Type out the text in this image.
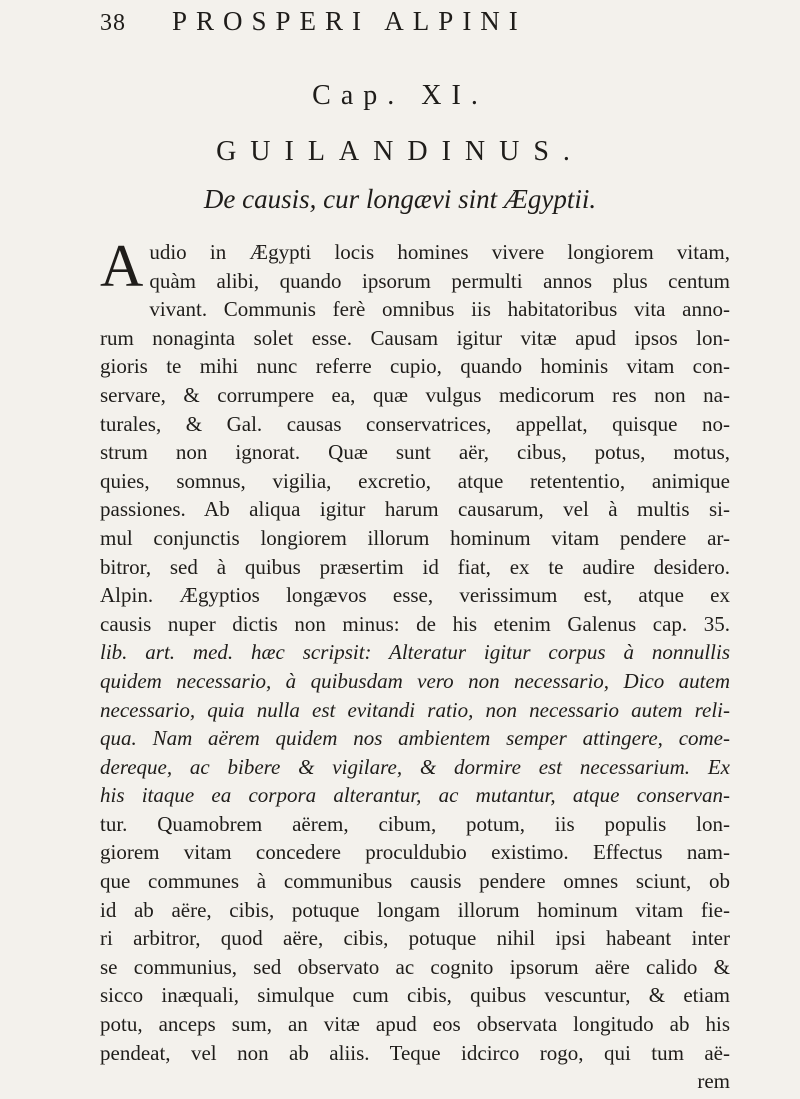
38 PROSPERI ALPINI
Cap. XI.
GUILANDINUS.
De causis, cur longævi sint Ægyptii.
A udio in Ægypti locis homines vivere longiorem vitam,
quàm alibi, quando ipsorum permulti annos plus centum
vivant. Communis ferè omnibus iis habitatoribus vita anno-
rum nonaginta solet esse. Causam igitur vitæ apud ipsos lon-
gioris te mihi nunc referre cupio, quando hominis vitam con-
servare, & corrumpere ea, quæ vulgus medicorum res non na-
turales, & Gal. causas conservatrices, appellat, quisque no-
strum non ignorat. Quæ sunt aër, cibus, potus, motus,
quies, somnus, vigilia, excretio, atque retententio, animique
passiones. Ab aliqua igitur harum causarum, vel à multis si-
mul conjunctis longiorem illorum hominum vitam pendere ar-
bitror, sed à quibus præsertim id fiat, ex te audire desidero.
Alpin. Ægyptios longævos esse, verissimum est, atque ex
causis nuper dictis non minus: de his etenim Galenus cap. 35.
lib. art. med. hæc scripsit: Alteratur igitur corpus à nonnullis
quidem necessario, à quibusdam vero non necessario, Dico autem
necessario, quia nulla est evitandi ratio, non necessario autem reli-
qua. Nam aërem quidem nos ambientem semper attingere, come-
dereque, ac bibere & vigilare, & dormire est necessarium. Ex
his itaque ea corpora alterantur, ac mutantur, atque conservan-
tur. Quamobrem aërem, cibum, potum, iis populis lon-
giorem vitam concedere proculdubio existimo. Effectus nam-
que communes à communibus causis pendere omnes sciunt, ob
id ab aëre, cibis, potuque longam illorum hominum vitam fie-
ri arbitror, quod aëre, cibis, potuque nihil ipsi habeant inter
se communius, sed observato ac cognito ipsorum aëre calido &
sicco inæquali, simulque cum cibis, quibus vescuntur, & etiam
potu, anceps sum, an vitæ apud eos observata longitudo ab his
pendeat, vel non ab aliis. Teque idcirco rogo, qui tum aë-
rem
